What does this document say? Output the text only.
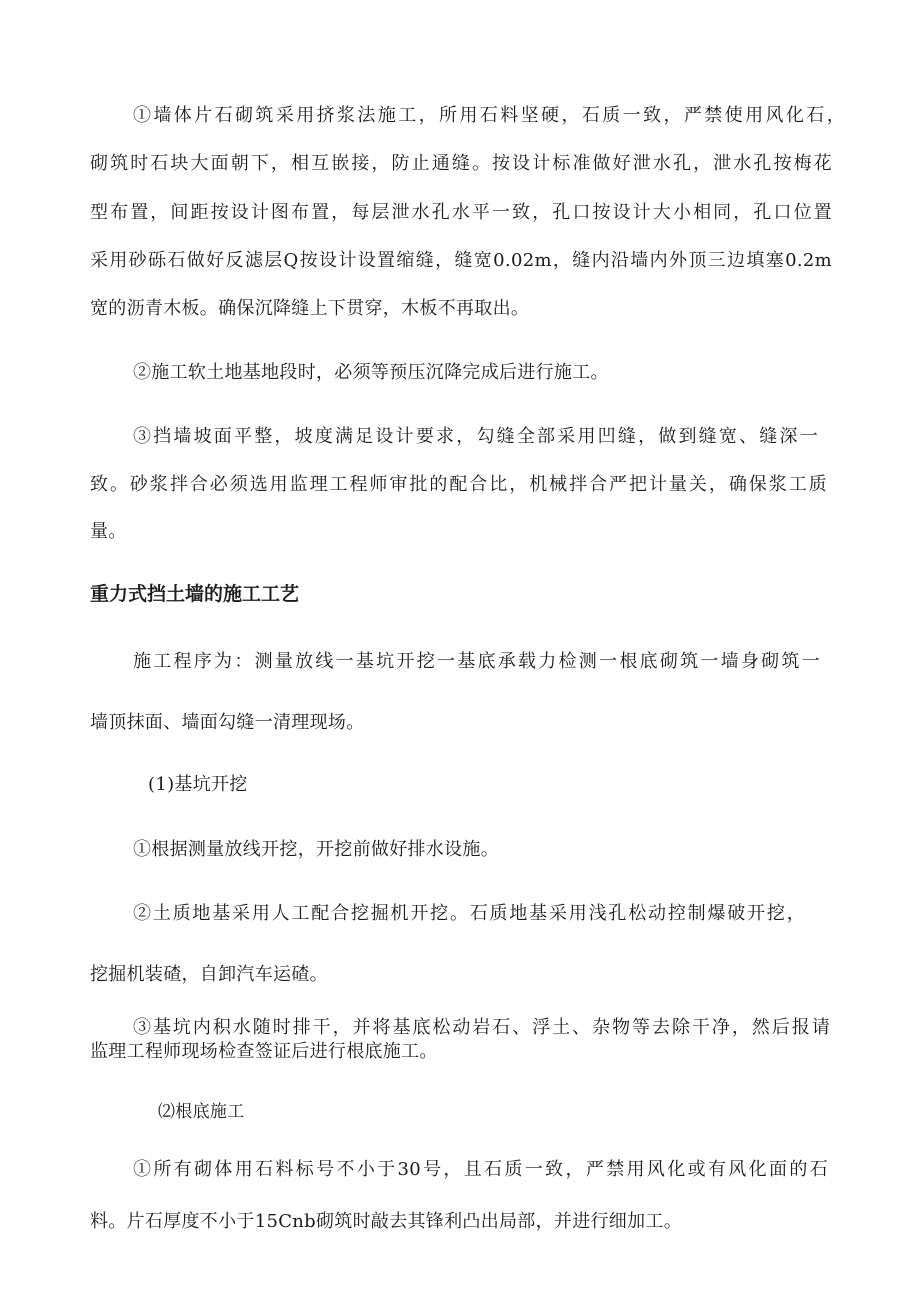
①墙体片石砌筑采用挤浆法施工，所用石料坚硬，石质一致，严禁使用风化石，
砌筑时石块大面朝下，相互嵌接，防止通缝。按设计标准做好泄水孔，泄水孔按梅花
型布置，间距按设计图布置，每层泄水孔水平一致，孔口按设计大小相同，孔口位置
采用砂砾石做好反滤层Q按设计设置缩缝，缝宽0.02m，缝内沿墙内外顶三边填塞0.2m
宽的沥青木板。确保沉降缝上下贯穿，木板不再取出。
②施工软土地基地段时，必须等预压沉降完成后进行施工。
③挡墙坡面平整，坡度满足设计要求，勾缝全部采用凹缝，做到缝宽、缝深一
致。砂浆拌合必须选用监理工程师审批的配合比，机械拌合严把计量关，确保浆工质
量。
重力式挡土墙的施工工艺
施工程序为：测量放线一基坑开挖一基底承载力检测一根底砌筑一墙身砌筑一
墙顶抹面、墙面勾缝一清理现场。
(1)基坑开挖
①根据测量放线开挖，开挖前做好排水设施。
②土质地基采用人工配合挖掘机开挖。石质地基采用浅孔松动控制爆破开挖，
挖掘机装碴，自卸汽车运碴。
③基坑内积水随时排干，并将基底松动岩石、浮土、杂物等去除干净，然后报请
监理工程师现场检查签证后进行根底施工。
⑵根底施工
①所有砌体用石料标号不小于30号，且石质一致，严禁用风化或有风化面的石
料。片石厚度不小于15Cnb砌筑时敲去其锋利凸出局部，并进行细加工。
